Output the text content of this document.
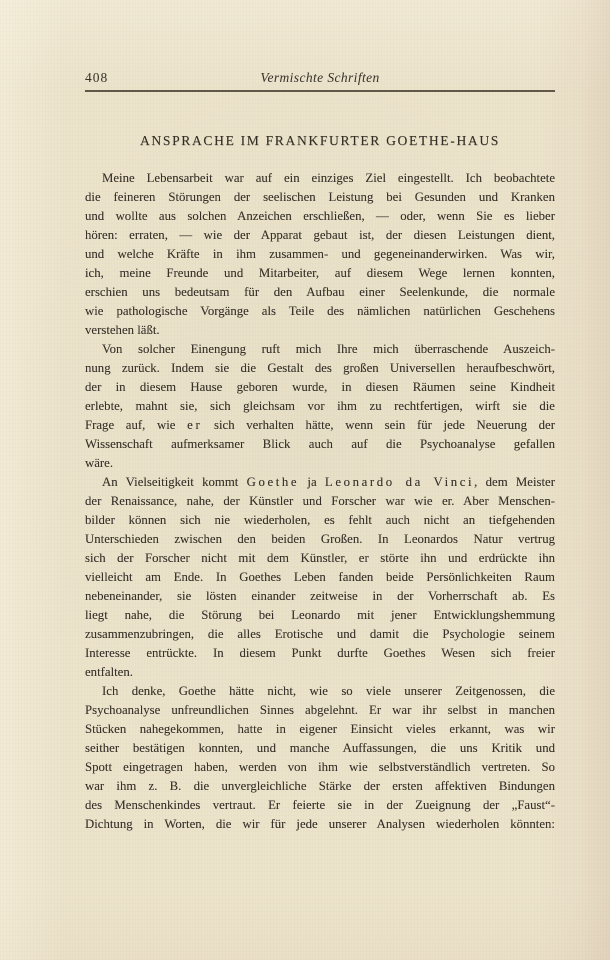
408	Vermischte Schriften
ANSPRACHE IM FRANKFURTER GOETHE-HAUS
Meine Lebensarbeit war auf ein einziges Ziel eingestellt. Ich beobachtete
die feineren Störungen der seelischen Leistung bei Gesunden und Kranken
und wollte aus solchen Anzeichen erschließen, — oder, wenn Sie es lieber
hören: erraten, — wie der Apparat gebaut ist, der diesen Leistungen dient,
und welche Kräfte in ihm zusammen- und gegeneinanderwirken. Was wir,
ich, meine Freunde und Mitarbeiter, auf diesem Wege lernen konnten,
erschien uns bedeutsam für den Aufbau einer Seelenkunde, die normale
wie pathologische Vorgänge als Teile des nämlichen natürlichen Geschehens
verstehen läßt.
Von solcher Einengung ruft mich Ihre mich überraschende Auszeich-
nung zurück. Indem sie die Gestalt des großen Universellen heraufbeschwört,
der in diesem Hause geboren wurde, in diesen Räumen seine Kindheit
erlebte, mahnt sie, sich gleichsam vor ihm zu rechtfertigen, wirft sie die
Frage auf, wie er sich verhalten hätte, wenn sein für jede Neuerung der
Wissenschaft aufmerksamer Blick auch auf die Psychoanalyse gefallen
wäre.
An Vielseitigkeit kommt Goethe ja Leonardo da Vinci, dem Meister
der Renaissance, nahe, der Künstler und Forscher war wie er. Aber Menschen-
bilder können sich nie wiederholen, es fehlt auch nicht an tiefgehenden
Unterschieden zwischen den beiden Großen. In Leonardos Natur vertrug
sich der Forscher nicht mit dem Künstler, er störte ihn und erdrückte ihn
vielleicht am Ende. In Goethes Leben fanden beide Persönlichkeiten Raum
nebeneinander, sie lösten einander zeitweise in der Vorherrschaft ab. Es
liegt nahe, die Störung bei Leonardo mit jener Entwicklungshemmung
zusammenzubringen, die alles Erotische und damit die Psychologie seinem
Interesse entrückte. In diesem Punkt durfte Goethes Wesen sich freier
entfalten.
Ich denke, Goethe hätte nicht, wie so viele unserer Zeitgenossen, die
Psychoanalyse unfreundlichen Sinnes abgelehnt. Er war ihr selbst in manchen
Stücken nahegekommen, hatte in eigener Einsicht vieles erkannt, was wir
seither bestätigen konnten, und manche Auffassungen, die uns Kritik und
Spott eingetragen haben, werden von ihm wie selbstverständlich vertreten. So
war ihm z. B. die unvergleichliche Stärke der ersten affektiven Bindungen
des Menschenkindes vertraut. Er feierte sie in der Zueignung der „Faust“-
Dichtung in Worten, die wir für jede unserer Analysen wiederholen könnten:
